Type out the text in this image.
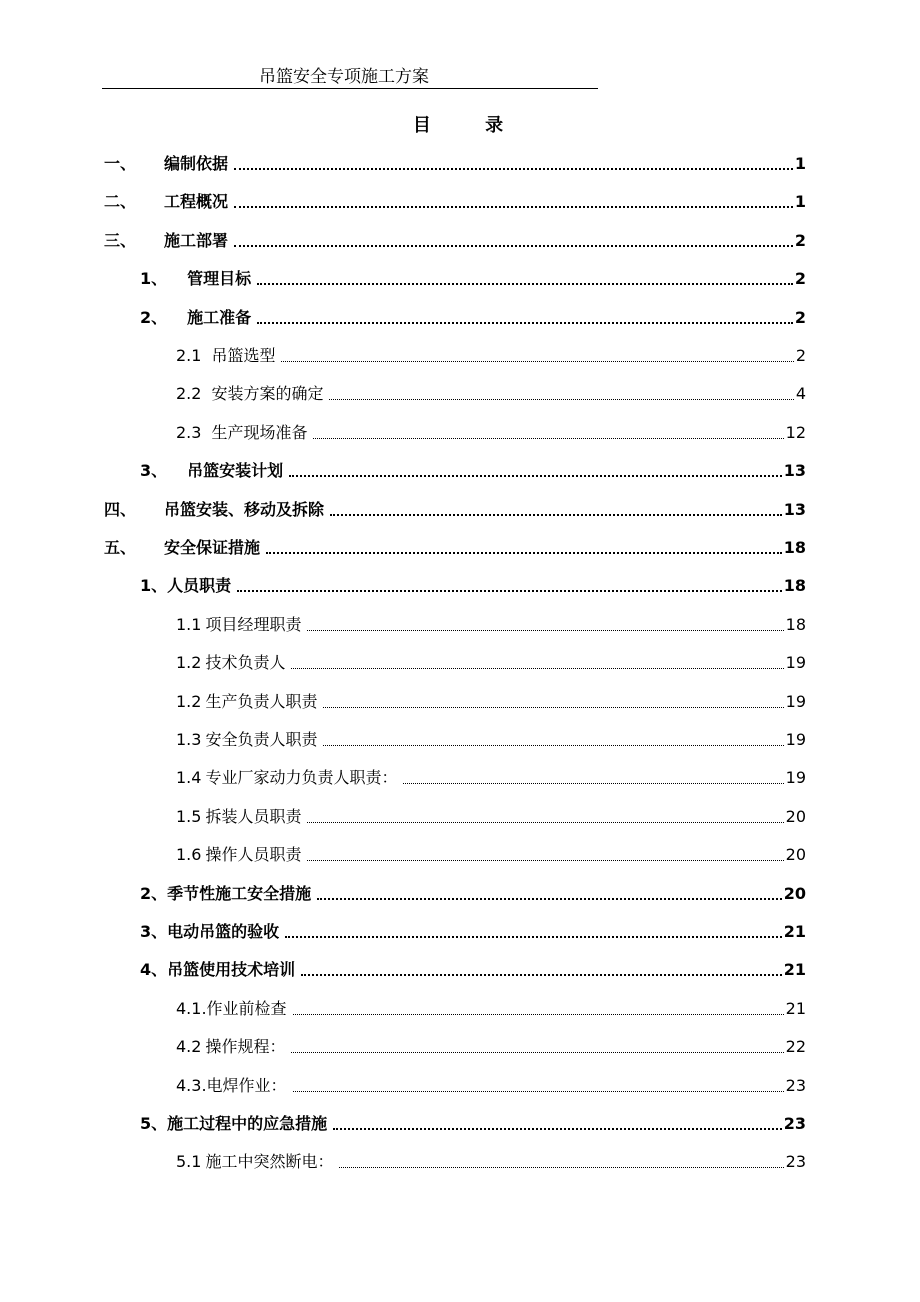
吊篮安全专项施工方案
目 录
一、 编制依据	1
二、 工程概况	1
三、 施工部署	2
1、 管理目标	2
2、 施工准备	2
2.1 吊篮选型	2
2.2 安装方案的确定	4
2.3 生产现场准备	12
3、 吊篮安装计划	13
四、 吊篮安装、移动及拆除	13
五、 安全保证措施	18
1、人员职责	18
1.1 项目经理职责	18
1.2 技术负责人	19
1.2 生产负责人职责	19
1.3 安全负责人职责	19
1.4 专业厂家动力负责人职责：	19
1.5 拆装人员职责	20
1.6 操作人员职责	20
2、季节性施工安全措施	20
3、电动吊篮的验收	21
4、吊篮使用技术培训	21
4.1.作业前检查	21
4.2 操作规程：	22
4.3.电焊作业：	23
5、施工过程中的应急措施	23
5.1 施工中突然断电：	23
